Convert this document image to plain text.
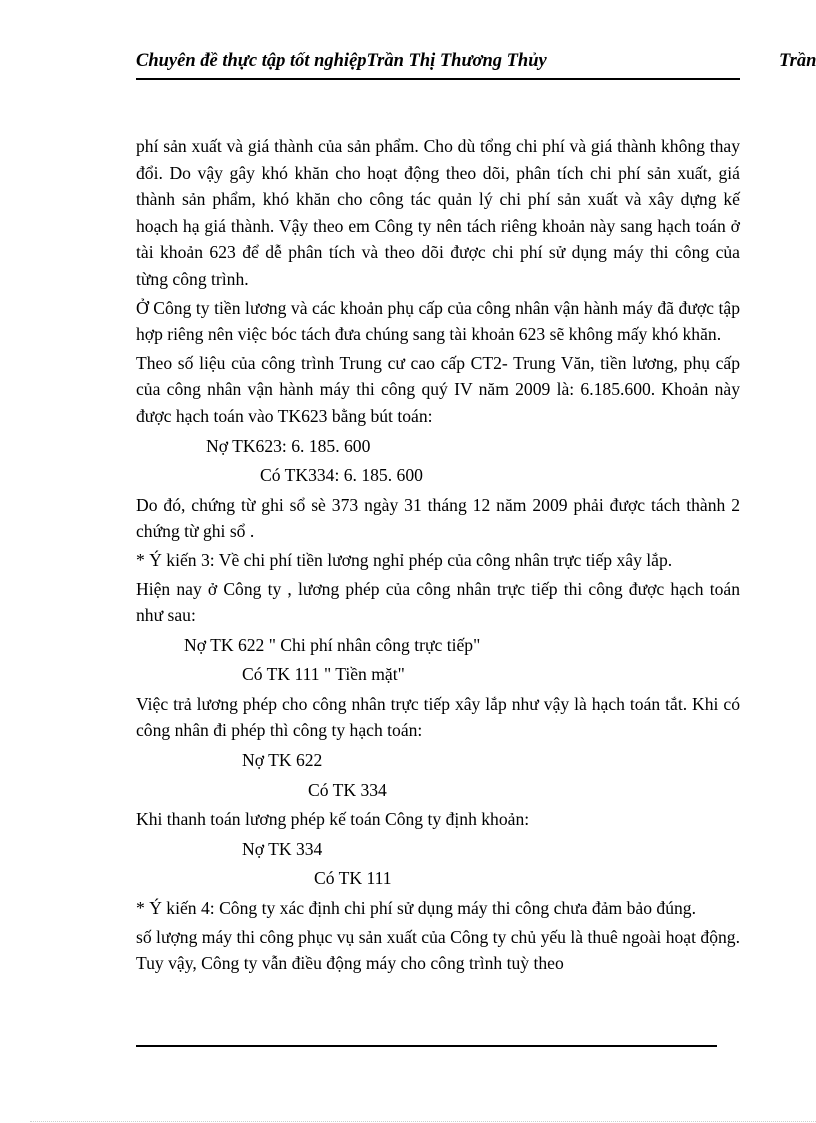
Chuyên đề thực tập tốt nghiệpTrần Thị Thương Thủy	Trần

phí sản xuất và giá thành của sản phẩm. Cho dù tổng chi phí và giá thành không thay đổi. Do vậy gây khó khăn cho hoạt động theo dõi, phân tích chi phí sản xuất, giá thành sản phẩm, khó khăn cho công tác quản lý chi phí sản xuất và xây dựng kế hoạch hạ giá thành. Vậy theo em Công ty nên tách riêng khoản này sang hạch toán ở tài khoản 623 để dễ phân tích và theo dõi được chi phí sử dụng máy thi công của từng công trình.

Ở Công ty tiền lương và các khoản phụ cấp của công nhân vận hành máy đã được tập hợp riêng nên việc bóc tách đưa chúng sang tài khoản 623 sẽ không mấy khó khăn.

Theo số liệu của công trình Trung cư cao cấp CT2- Trung Văn, tiền lương, phụ cấp của công nhân vận hành máy thi công quý IV năm 2009 là: 6.185.600. Khoản này được hạch toán vào TK623 bằng bút toán:

Nợ TK623: 6. 185. 600

Có TK334: 6. 185. 600

Do đó, chứng từ ghi sổ sè 373 ngày 31 tháng 12 năm 2009 phải được tách thành 2 chứng từ ghi sổ .

* Ý kiến 3: Về chi phí tiền lương nghỉ phép của công nhân trực tiếp xây lắp.

Hiện nay ở Công ty , lương phép của công nhân trực tiếp thi công được hạch toán như sau:

Nợ TK 622 " Chi phí nhân công trực tiếp"

Có TK 111 " Tiền mặt"

Việc trả lương phép cho công nhân trực tiếp xây lắp như vậy là hạch toán tắt. Khi có công nhân đi phép thì công ty hạch toán:

Nợ TK 622

Có TK 334

Khi thanh toán lương phép kế toán Công ty định khoản:

Nợ TK 334

Có TK 111

* Ý kiến 4: Công ty xác định chi phí sử dụng máy thi công chưa đảm bảo đúng.

số lượng máy thi công phục vụ sản xuất của Công ty chủ yếu là thuê ngoài hoạt động. Tuy vậy, Công ty vẫn điều động máy cho công trình tuỳ theo
